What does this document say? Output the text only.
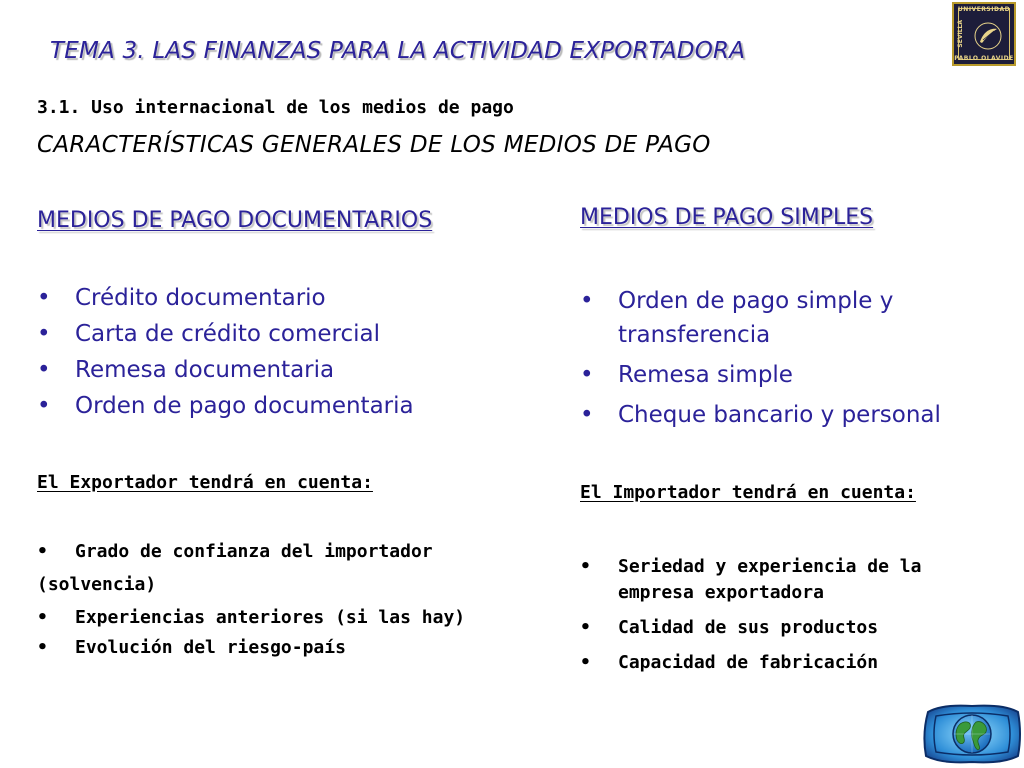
TEMA 3. LAS FINANZAS PARA LA ACTIVIDAD EXPORTADORA
UNIVERSIDAD
SEVILLA
PABLO OLAVIDE
3.1. Uso internacional de los medios de pago
CARACTERÍSTICAS GENERALES DE LOS MEDIOS DE PAGO
MEDIOS DE PAGO DOCUMENTARIOS
• Crédito documentario
• Carta de crédito comercial
• Remesa documentaria
• Orden de pago documentaria
El Exportador tendrá en cuenta:
• Grado de confianza del importador
(solvencia)
• Experiencias anteriores (si las hay)
• Evolución del riesgo-país
MEDIOS DE PAGO SIMPLES
• Orden de pago simple y transferencia
• Remesa simple
• Cheque bancario y personal
El Importador tendrá en cuenta:
• Seriedad y experiencia de la empresa exportadora
• Calidad de sus productos
• Capacidad de fabricación
